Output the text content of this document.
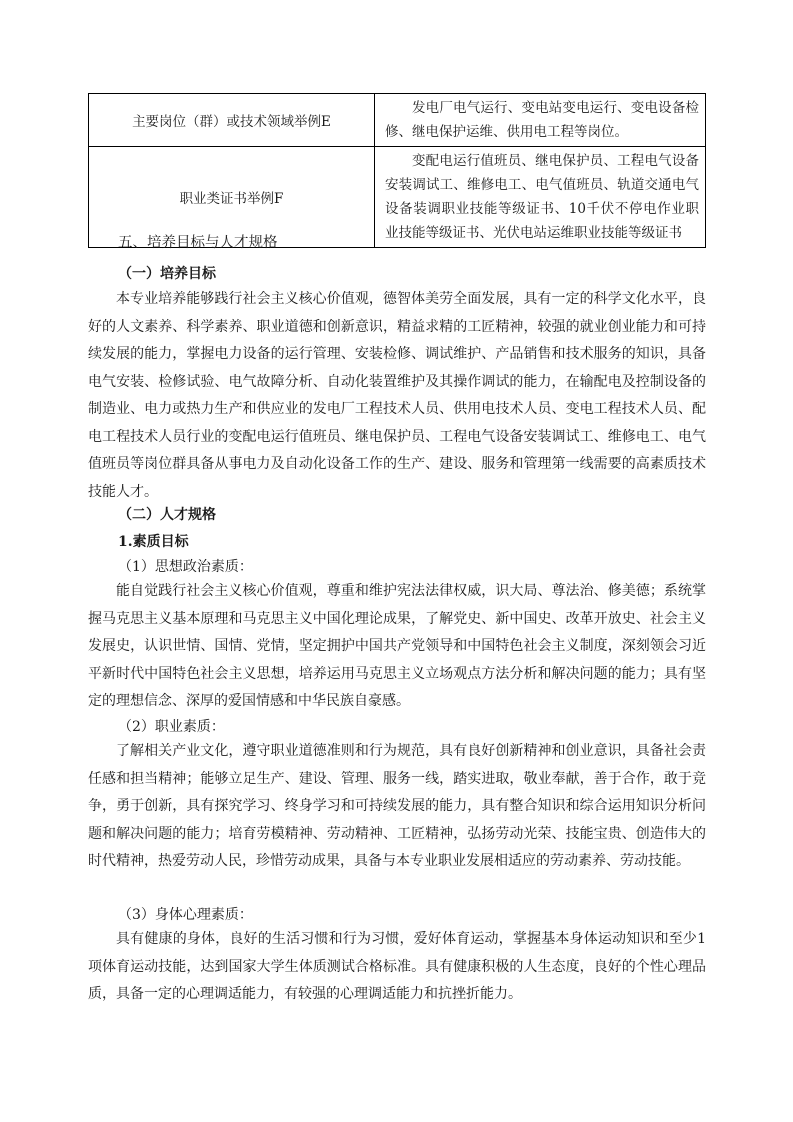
主要岗位（群）或技术领域举例E	发电厂电气运行、变电站变电运行、变电设备检修、继电保护运维、供用电工程等岗位。
职业类证书举例F	变配电运行值班员、继电保护员、工程电气设备安装调试工、维修电工、电气值班员、轨道交通电气设备装调职业技能等级证书、10千伏不停电作业职业技能等级证书、光伏电站运维职业技能等级证书
五、培养目标与人才规格
（一）培养目标

本专业培养能够践行社会主义核心价值观，德智体美劳全面发展，具有一定的科学文化水平，良好的人文素养、科学素养、职业道德和创新意识，精益求精的工匠精神，较强的就业创业能力和可持续发展的能力，掌握电力设备的运行管理、安装检修、调试维护、产品销售和技术服务的知识，具备电气安装、检修试验、电气故障分析、自动化装置维护及其操作调试的能力，在输配电及控制设备的制造业、电力或热力生产和供应业的发电厂工程技术人员、供用电技术人员、变电工程技术人员、配电工程技术人员行业的变配电运行值班员、继电保护员、工程电气设备安装调试工、维修电工、电气值班员等岗位群具备从事电力及自动化设备工作的生产、建设、服务和管理第一线需要的高素质技术技能人才。

（二）人才规格
1.素质目标
（1）思想政治素质：

能自觉践行社会主义核心价值观，尊重和维护宪法法律权威，识大局、尊法治、修美德；系统掌握马克思主义基本原理和马克思主义中国化理论成果，了解党史、新中国史、改革开放史、社会主义发展史，认识世情、国情、党情，坚定拥护中国共产党领导和中国特色社会主义制度，深刻领会习近平新时代中国特色社会主义思想，培养运用马克思主义立场观点方法分析和解决问题的能力；具有坚定的理想信念、深厚的爱国情感和中华民族自豪感。

（2）职业素质：

了解相关产业文化，遵守职业道德准则和行为规范，具有良好创新精神和创业意识，具备社会责任感和担当精神；能够立足生产、建设、管理、服务一线，踏实进取，敬业奉献，善于合作，敢于竞争，勇于创新，具有探究学习、终身学习和可持续发展的能力，具有整合知识和综合运用知识分析问题和解决问题的能力；培育劳模精神、劳动精神、工匠精神，弘扬劳动光荣、技能宝贵、创造伟大的时代精神，热爱劳动人民，珍惜劳动成果，具备与本专业职业发展相适应的劳动素养、劳动技能。

（3）身体心理素质：

具有健康的身体，良好的生活习惯和行为习惯，爱好体育运动，掌握基本身体运动知识和至少1项体育运动技能，达到国家大学生体质测试合格标准。具有健康积极的人生态度，良好的个性心理品质，具备一定的心理调适能力，有较强的心理调适能力和抗挫折能力。
